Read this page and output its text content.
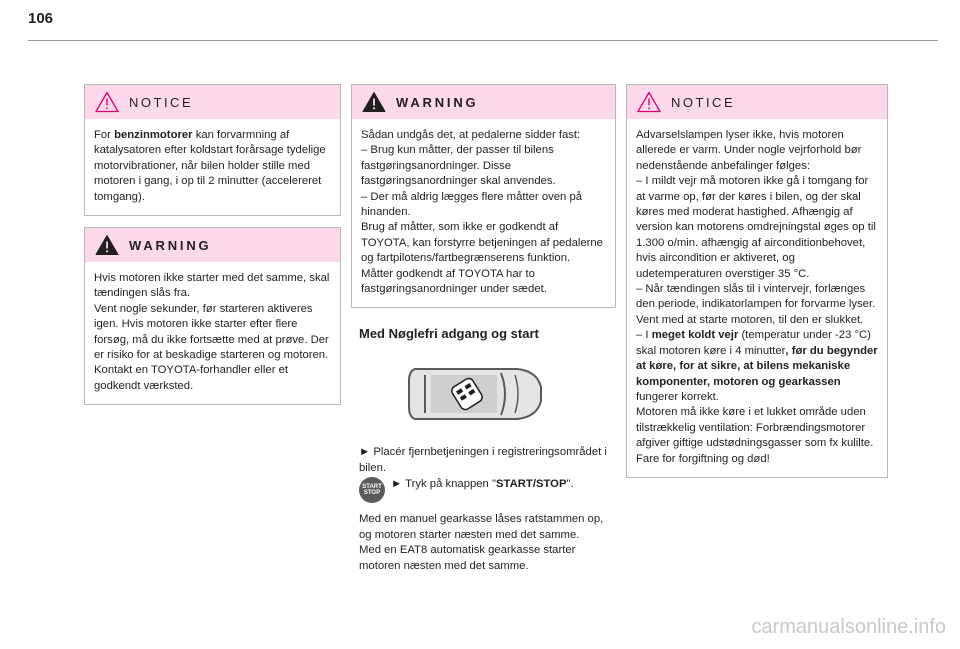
106
NOTICE

For benzinmotorer kan forvarmning af katalysatoren efter koldstart forårsage tydelige motorvibrationer, når bilen holder stille med motoren i gang, i op til 2 minutter (accelereret tomgang).

WARNING

Hvis motoren ikke starter med det samme, skal tændingen slås fra.

Vent nogle sekunder, før starteren aktiveres igen. Hvis motoren ikke starter efter flere forsøg, må du ikke fortsætte med at prøve. Der er risiko for at beskadige starteren og motoren.

Kontakt en TOYOTA-forhandler eller et godkendt værksted.

WARNING

Sådan undgås det, at pedalerne sidder fast:

– Brug kun måtter, der passer til bilens fastgøringsanordninger. Disse fastgøringsanordninger skal anvendes.

– Der må aldrig lægges flere måtter oven på hinanden.

Brug af måtter, som ikke er godkendt af TOYOTA, kan forstyrre betjeningen af pedalerne og fartpilotens/fartbegrænserens funktion.

Måtter godkendt af TOYOTA har to fastgøringsanordninger under sædet.

Med Nøglefri adgang og start

► Placér fjernbetjeningen i registreringsområdet i bilen.

START
STOP

► Tryk på knappen "START/STOP".

Med en manuel gearkasse låses ratstammen op, og motoren starter næsten med det samme.

Med en EAT8 automatisk gearkasse starter motoren næsten med det samme.

NOTICE

Advarselslampen lyser ikke, hvis motoren allerede er varm. Under nogle vejrforhold bør nedenstående anbefalinger følges:

– I mildt vejr må motoren ikke gå i tomgang for at varme op, før der køres i bilen, og der skal køres med moderat hastighed. Afhængig af version kan motorens omdrejningstal øges op til 1.300 o/min. afhængig af airconditionbehovet, hvis aircondition er aktiveret, og udetemperaturen overstiger 35 °C.

– Når tændingen slås til i vintervejr, forlænges den periode, indikatorlampen for forvarme lyser. Vent med at starte motoren, til den er slukket.

– I meget koldt vejr (temperatur under -23 °C) skal motoren køre i 4 minutter, før du begynder at køre, for at sikre, at bilens mekaniske komponenter, motoren og gearkassen fungerer korrekt.

Motoren må ikke køre i et lukket område uden tilstrækkelig ventilation: Forbrændingsmotorer afgiver giftige udstødningsgasser som fx kulilte. Fare for forgiftning og død!

carmanualsonline.info
